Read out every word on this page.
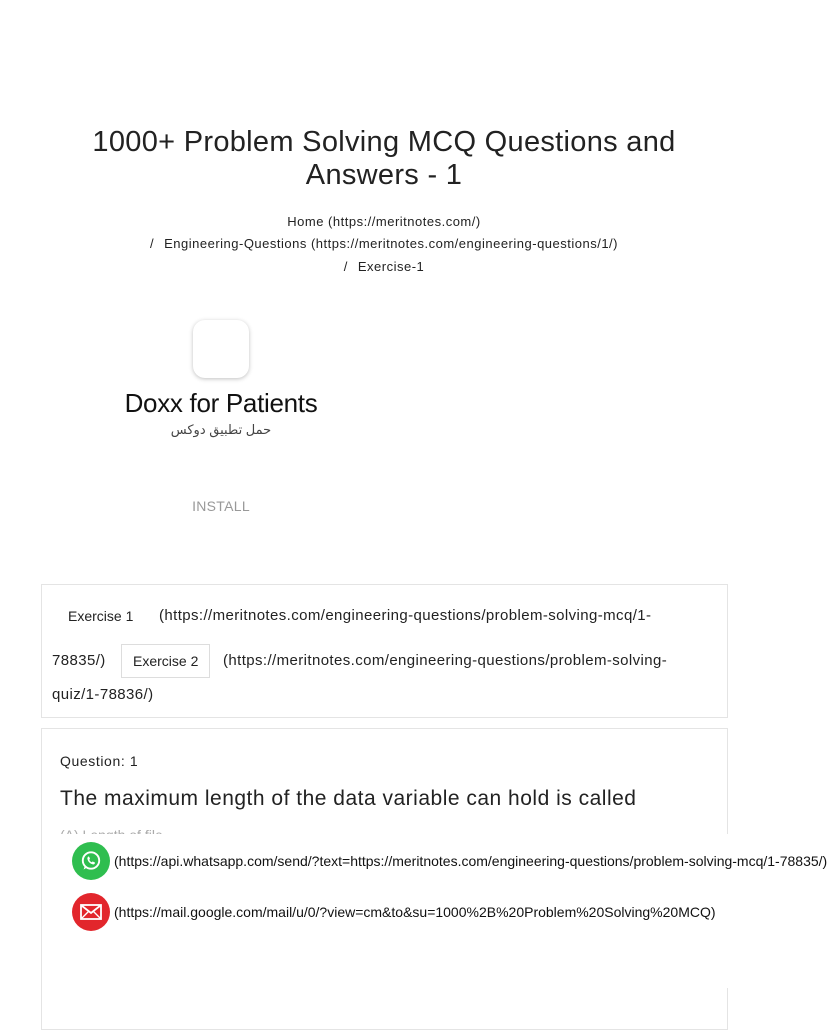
1000+ Problem Solving MCQ Questions and
Answers - 1
Home (https://meritnotes.com/)
/ Engineering-Questions (https://meritnotes.com/engineering-questions/1/)
/ Exercise-1
Doxx for Patients
حمل تطبيق دوكس
INSTALL
Exercise 1 (https://meritnotes.com/engineering-questions/problem-solving-mcq/1-
78835/)	Exercise 2	(https://meritnotes.com/engineering-questions/problem-solving-
quiz/1-78836/)
Question: 1
The maximum length of the data variable can hold is called
(https://api.whatsapp.com/send/?text=https://meritnotes.com/engineering-questions/problem-solving-mcq/1-78835/)
(https://mail.google.com/mail/u/0/?view=cm&to&su=1000%2B%20Problem%20Solving%20MCQ)
